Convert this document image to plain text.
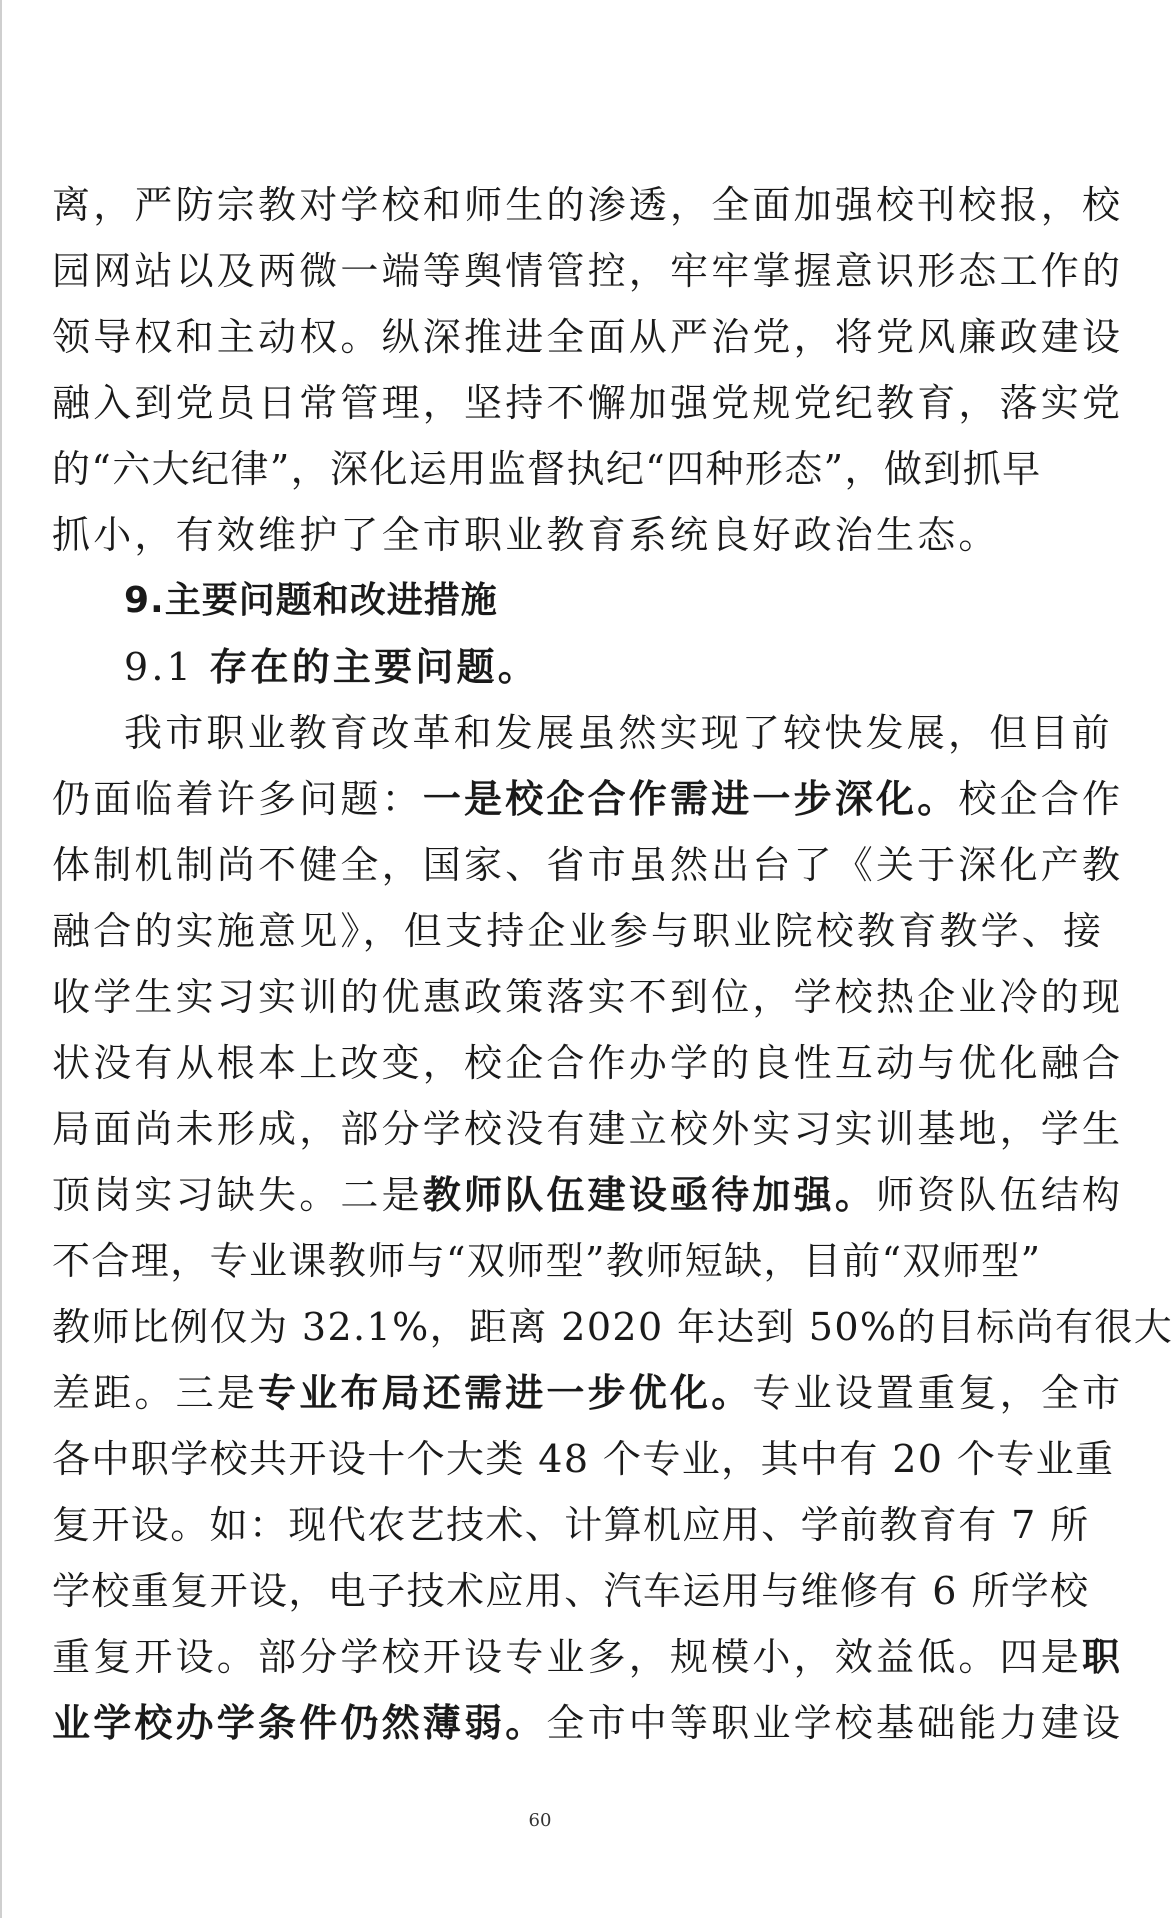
离，严防宗教对学校和师生的渗透，全面加强校刊校报，校
园网站以及两微一端等舆情管控，牢牢掌握意识形态工作的
领导权和主动权。纵深推进全面从严治党，将党风廉政建设
融入到党员日常管理，坚持不懈加强党规党纪教育，落实党
的“六大纪律”，深化运用监督执纪“四种形态”，做到抓早
抓小，有效维护了全市职业教育系统良好政治生态。
9.主要问题和改进措施
9.1 存在的主要问题。
我市职业教育改革和发展虽然实现了较快发展，但目前
仍面临着许多问题：一是校企合作需进一步深化。校企合作
体制机制尚不健全，国家、省市虽然出台了《关于深化产教
融合的实施意见》，但支持企业参与职业院校教育教学、接
收学生实习实训的优惠政策落实不到位，学校热企业冷的现
状没有从根本上改变，校企合作办学的良性互动与优化融合
局面尚未形成，部分学校没有建立校外实习实训基地，学生
顶岗实习缺失。二是教师队伍建设亟待加强。师资队伍结构
不合理，专业课教师与“双师型”教师短缺，目前“双师型”
教师比例仅为 32.1%，距离 2020 年达到 50%的目标尚有很大
差距。三是专业布局还需进一步优化。专业设置重复，全市
各中职学校共开设十个大类 48 个专业，其中有 20 个专业重
复开设。如：现代农艺技术、计算机应用、学前教育有 7 所
学校重复开设，电子技术应用、汽车运用与维修有 6 所学校
重复开设。部分学校开设专业多，规模小，效益低。四是职
业学校办学条件仍然薄弱。全市中等职业学校基础能力建设
60
